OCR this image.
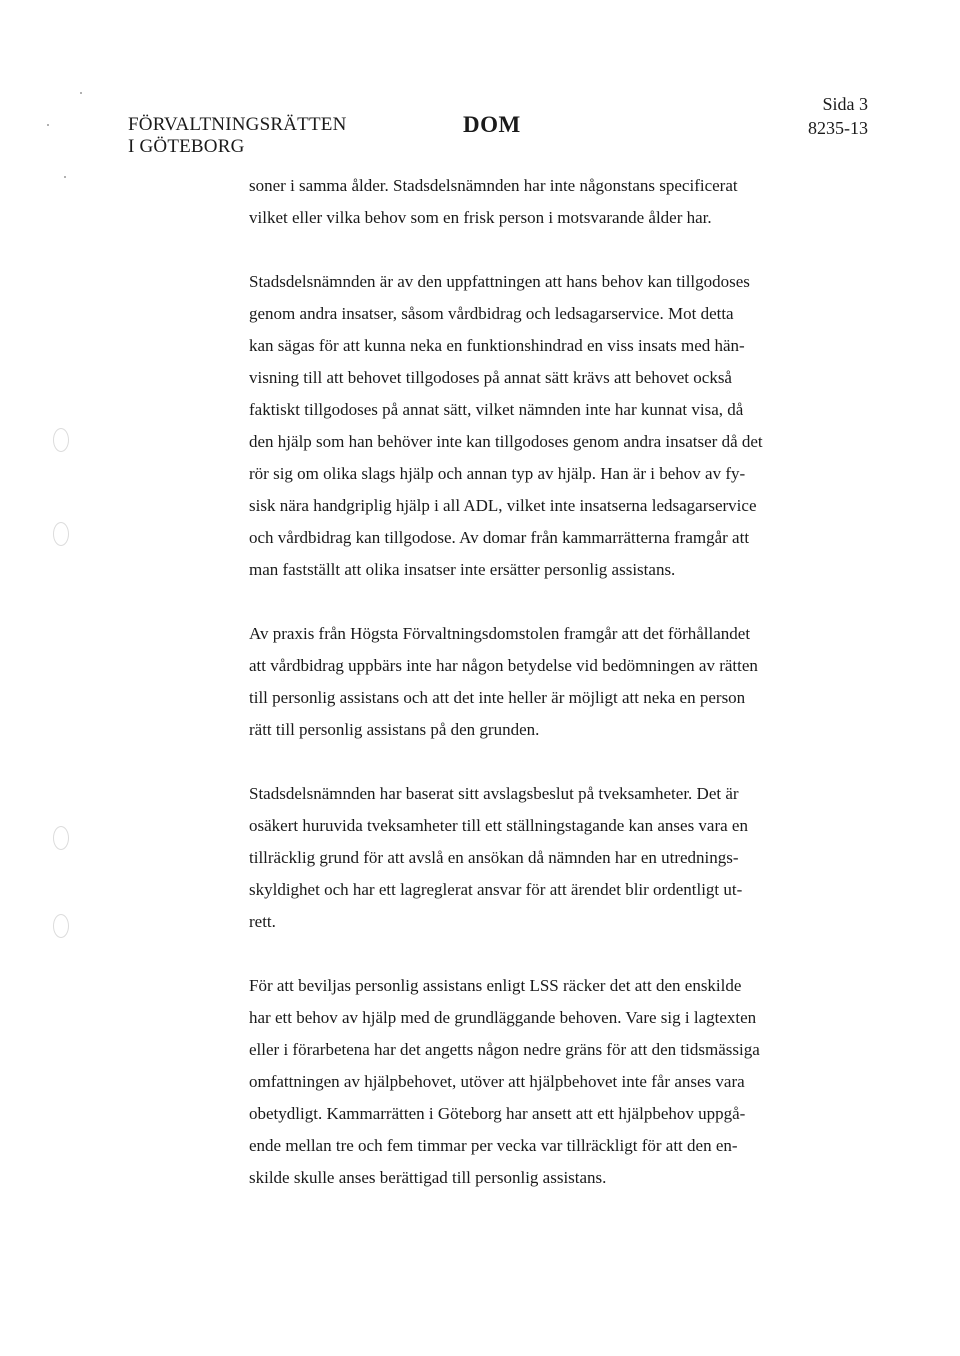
FÖRVALTNINGSRÄTTEN
I GÖTEBORG
DOM
Sida 3
8235-13
soner i samma ålder. Stadsdelsnämnden har inte någonstans specificerat
vilket eller vilka behov som en frisk person i motsvarande ålder har.
Stadsdelsnämnden är av den uppfattningen att hans behov kan tillgodoses
genom andra insatser, såsom vårdbidrag och ledsagarservice. Mot detta
kan sägas för att kunna neka en funktionshindrad en viss insats med hän-
visning till att behovet tillgodoses på annat sätt krävs att behovet också
faktiskt tillgodoses på annat sätt, vilket nämnden inte har kunnat visa, då
den hjälp som han behöver inte kan tillgodoses genom andra insatser då det
rör sig om olika slags hjälp och annan typ av hjälp. Han är i behov av fy-
sisk nära handgriplig hjälp i all ADL, vilket inte insatserna ledsagarservice
och vårdbidrag kan tillgodose. Av domar från kammarrätterna framgår att
man fastställt att olika insatser inte ersätter personlig assistans.
Av praxis från Högsta Förvaltningsdomstolen framgår att det förhållandet
att vårdbidrag uppbärs inte har någon betydelse vid bedömningen av rätten
till personlig assistans och att det inte heller är möjligt att neka en person
rätt till personlig assistans på den grunden.
Stadsdelsnämnden har baserat sitt avslagsbeslut på tveksamheter. Det är
osäkert huruvida tveksamheter till ett ställningstagande kan anses vara en
tillräcklig grund för att avslå en ansökan då nämnden har en utrednings-
skyldighet och har ett lagreglerat ansvar för att ärendet blir ordentligt ut-
rett.
För att beviljas personlig assistans enligt LSS räcker det att den enskilde
har ett behov av hjälp med de grundläggande behoven. Vare sig i lagtexten
eller i förarbetena har det angetts någon nedre gräns för att den tidsmässiga
omfattningen av hjälpbehovet, utöver att hjälpbehovet inte får anses vara
obetydligt. Kammarrätten i Göteborg har ansett att ett hjälpbehov uppgå-
ende mellan tre och fem timmar per vecka var tillräckligt för att den en-
skilde skulle anses berättigad till personlig assistans.
